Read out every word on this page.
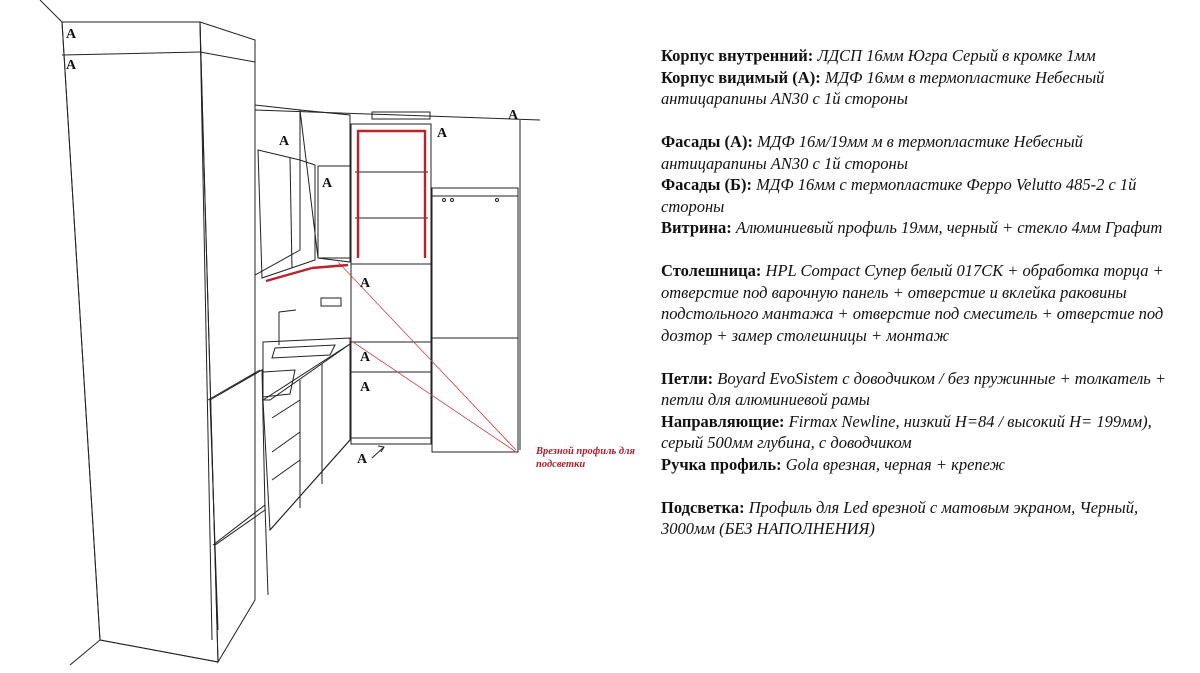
A
A
A
A
A
A
A
A
A
A
Врезной профиль для подсветки
Корпус внутренний: ЛДСП 16мм Югра Серый в кромке 1мм
Корпус видимый (А): МДФ 16мм в термопластике Небесный антицарапины AN30 с 1й стороны
Фасады (А): МДФ 16м/19мм м в термопластике Небесный антицарапины AN30 с 1й стороны
Фасады (Б): МДФ 16мм с термопластике Ферро Velutto 485-2 с 1й стороны
Витрина: Алюминиевый профиль 19мм, черный + стекло 4мм Графит
Столешница: HPL Compact Супер белый 017СК + обработка торца + отверстие под варочную панель + отверстие и вклейка раковины подстольного мантажа + отверстие под смеситель + отверстие под дозтор + замер столешницы + монтаж
Петли: Boyard EvoSistem с доводчиком / без пружинные + толкатель + петли для алюминиевой рамы
Направляющие: Firmax Newline, низкий H=84 / высокий H= 199мм), серый 500мм глубина, с доводчиком
Ручка профиль: Gola врезная, черная + крепеж
Подсветка: Профиль для Led врезной с матовым экраном, Черный, 3000мм (БЕЗ НАПОЛНЕНИЯ)
